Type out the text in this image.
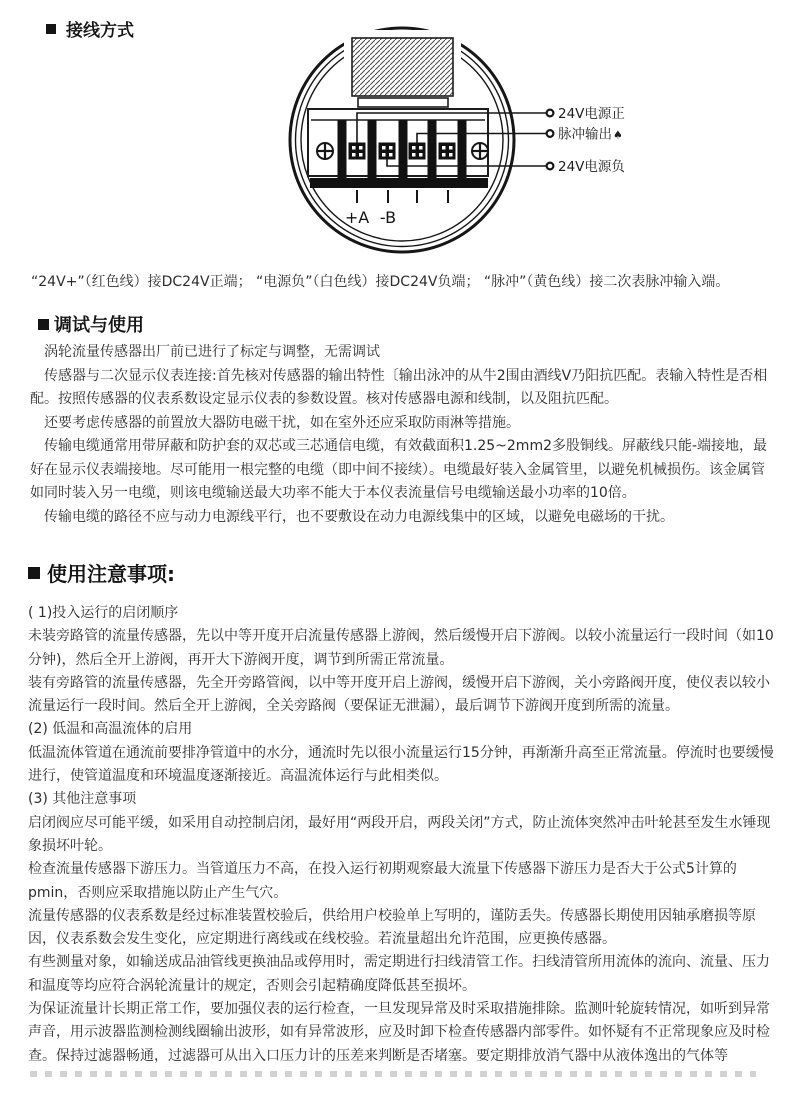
接线方式
+A -B
24V电源正
脉冲输出♠
24V电源负
“24V+”（红色线）接DC24V正端； “电源负”（白色线）接DC24V负端； “脉冲”（黄色线）接二次表脉冲输入端。
调试与使用

涡轮流量传感器出厂前已进行了标定与调整，无需调试

传感器与二次显示仪表连接:首先核对传感器的输出特性〔输出泳冲的从牛2围由酒线V乃阳抗匹配。表输入特性是否相配。按照传感器的仪表系数设定显示仪表的参数设置。核对传感器电源和线制，以及阻抗匹配。

还要考虑传感器的前置放大器防电磁干扰，如在室外还应采取防雨淋等措施。

传输电缆通常用带屏蔽和防护套的双芯或三芯通信电缆，有效截面积1.25~2mm2多股铜线。屏蔽线只能-端接地，最好在显示仪表端接地。尽可能用一根完整的电缆（即中间不接续）。电缆最好装入金属管里，以避免机械损伤。该金属管如同时装入另一电缆，则该电缆输送最大功率不能大于本仪表流量信号电缆输送最小功率的10倍。

传输电缆的路径不应与动力电源线平行，也不要敷设在动力电源线集中的区域，以避免电磁场的干扰。

使用注意事项:

( 1)投入运行的启闭顺序

未装旁路管的流量传感器，先以中等开度开启流量传感器上游阀，然后缓慢开启下游阀。以较小流量运行一段时间（如10分钟)，然后全开上游阀，再开大下游阀开度，调节到所需正常流量。

装有旁路管的流量传感器，先全开旁路管阀，以中等开度开启上游阀，缓慢开启下游阀，关小旁路阀开度，使仪表以较小流量运行一段时间。然后全开上游阀，全关旁路阀（要保证无泄漏），最后调节下游阀开度到所需的流量。

(2) 低温和高温流体的启用

低温流体管道在通流前要排净管道中的水分，通流时先以很小流量运行15分钟，再渐渐升高至正常流量。停流时也要缓慢进行，使管道温度和环境温度逐渐接近。高温流体运行与此相类似。

(3) 其他注意事项

启闭阀应尽可能平缓，如采用自动控制启闭，最好用“两段开启，两段关闭”方式，防止流体突然冲击叶轮甚至发生水锤现象损坏叶轮。

检查流量传感器下游压力。当管道压力不高，在投入运行初期观察最大流量下传感器下游压力是否大于公式5计算的pmin，否则应采取措施以防止产生气穴。

流量传感器的仪表系数是经过标准装置校验后，供给用户校验单上写明的，谨防丢失。传感器长期使用因轴承磨损等原因，仪表系数会发生变化，应定期进行离线或在线校验。若流量超出允许范围，应更换传感器。

有些测量对象，如输送成品油管线更换油品或停用时，需定期进行扫线清管工作。扫线清管所用流体的流向、流量、压力和温度等均应符合涡轮流量计的规定，否则会引起精确度降低甚至损坏。

为保证流量计长期正常工作，要加强仪表的运行检查，一旦发现异常及时采取措施排除。监测叶轮旋转情况，如听到异常声音，用示波器监测检测线圈输出波形，如有异常波形，应及时卸下检查传感器内部零件。如怀疑有不正常现象应及时检查。保持过滤器畅通，过滤器可从出入口压力计的压差来判断是否堵塞。要定期排放消气器中从液体逸出的气体等
